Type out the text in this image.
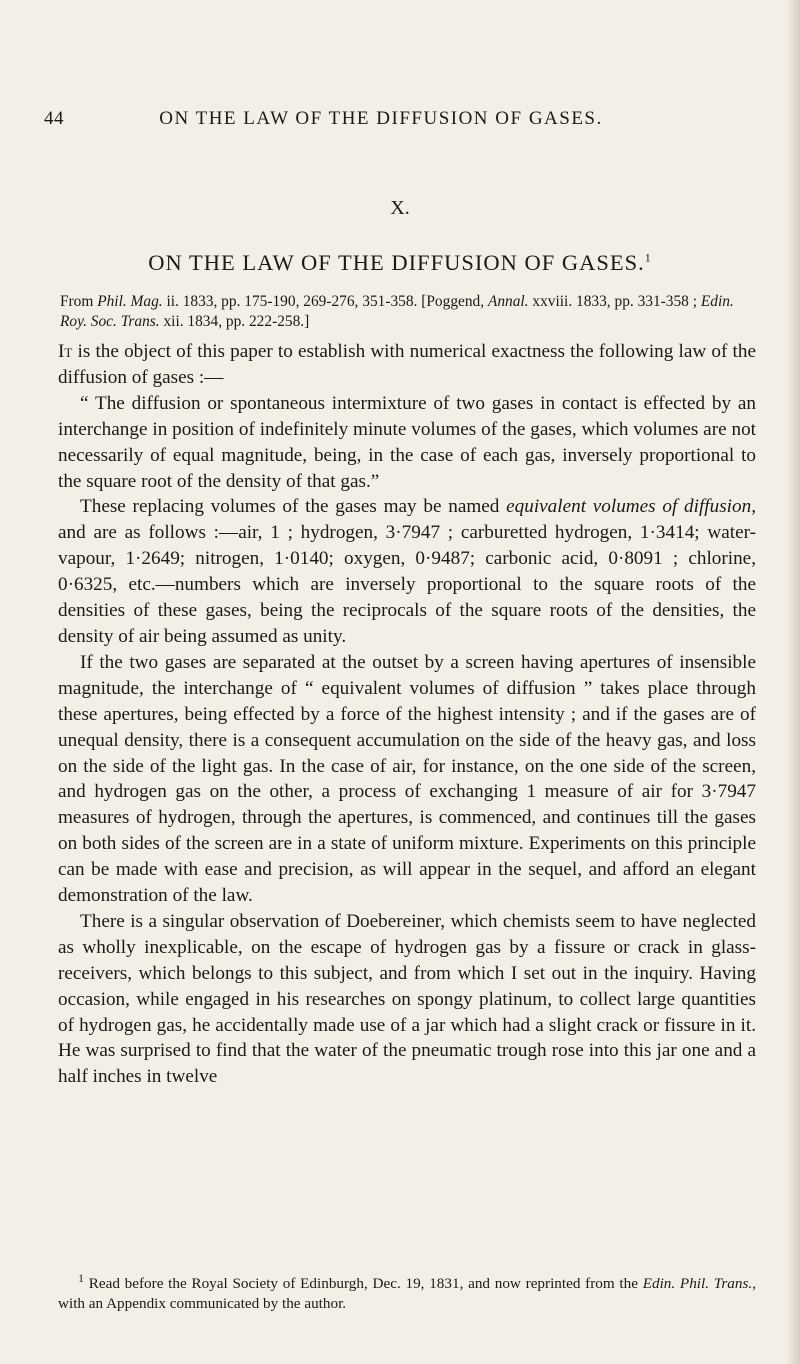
44	ON THE LAW OF THE DIFFUSION OF GASES.
X.
ON THE LAW OF THE DIFFUSION OF GASES.$^1$

From Phil. Mag. ii. 1833, pp. 175-190, 269-276, 351-358. [Poggend, Annal. xxviii. 1833, pp. 331-358 ; Edin. Roy. Soc. Trans. xii. 1834, pp. 222-258.]

It is the object of this paper to establish with numerical exactness the following law of the diffusion of gases :—

“ The diffusion or spontaneous intermixture of two gases in contact is effected by an interchange in position of indefinitely minute volumes of the gases, which volumes are not necessarily of equal magnitude, being, in the case of each gas, inversely proportional to the square root of the density of that gas.”

These replacing volumes of the gases may be named equivalent volumes of diffusion, and are as follows :—air, 1 ; hydrogen, 3·7947 ; carburetted hydrogen, 1·3414; water-vapour, 1·2649; nitrogen, 1·0140; oxygen, 0·9487; carbonic acid, 0·8091 ; chlorine, 0·6325, etc.—numbers which are inversely proportional to the square roots of the densities of these gases, being the reciprocals of the square roots of the densities, the density of air being assumed as unity.

If the two gases are separated at the outset by a screen having apertures of insensible magnitude, the interchange of “ equivalent volumes of diffusion ” takes place through these apertures, being effected by a force of the highest intensity ; and if the gases are of unequal density, there is a consequent accumulation on the side of the heavy gas, and loss on the side of the light gas. In the case of air, for instance, on the one side of the screen, and hydrogen gas on the other, a process of exchanging 1 measure of air for 3·7947 measures of hydrogen, through the apertures, is commenced, and continues till the gases on both sides of the screen are in a state of uniform mixture. Experiments on this principle can be made with ease and precision, as will appear in the sequel, and afford an elegant demonstration of the law.

There is a singular observation of Doebereiner, which chemists seem to have neglected as wholly inexplicable, on the escape of hydrogen gas by a fissure or crack in glass-receivers, which belongs to this subject, and from which I set out in the inquiry. Having occasion, while engaged in his researches on spongy platinum, to collect large quantities of hydrogen gas, he accidentally made use of a jar which had a slight crack or fissure in it. He was surprised to find that the water of the pneumatic trough rose into this jar one and a half inches in twelve

$^1$ Read before the Royal Society of Edinburgh, Dec. 19, 1831, and now reprinted from the Edin. Phil. Trans., with an Appendix communicated by the author.
